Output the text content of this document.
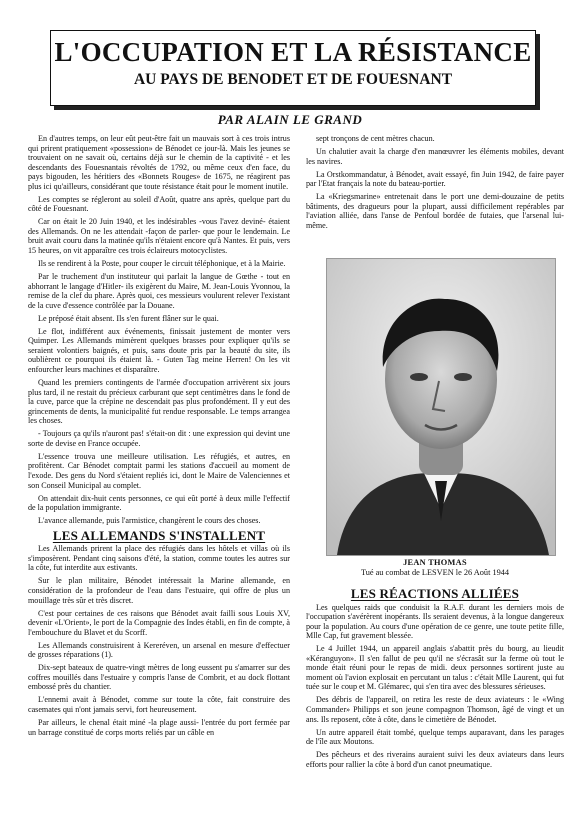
L'OCCUPATION ET LA RÉSISTANCE
AU PAYS DE BENODET ET DE FOUESNANT
PAR ALAIN LE GRAND

En d'autres temps, on leur eût peut-être fait un mauvais sort à ces trois intrus qui prirent pratiquement «possession» de Bénodet ce jour-là. Mais les jeunes se trouvaient on ne savait où, certains déjà sur le chemin de la captivité - et les descendants des Fouesnantais révoltés de 1792, ou même ceux d'en face, du pays bigouden, les héritiers des «Bonnets Rouges» de 1675, ne réagirent pas plus ici qu'ailleurs, considérant que toute résistance était pour le moment inutile.

Les comptes se régleront au soleil d'Août, quatre ans après, quelque part du côté de Fouesnant.

Car on était le 20 Juin 1940, et les indésirables -vous l'avez deviné- étaient des Allemands. On ne les attendait -façon de parler- que pour le lendemain. Le bruit avait couru dans la matinée qu'ils n'étaient encore qu'à Nantes. Et puis, vers 15 heures, on vit apparaître ces trois éclaireurs motocyclistes.

Ils se rendirent à la Poste, pour couper le circuit téléphonique, et à la Mairie.

Par le truchement d'un instituteur qui parlait la langue de Gœthe - tout en abhorrant le langage d'Hitler- ils exigèrent du Maire, M. Jean-Louis Yvonnou, la remise de la clef du phare. Après quoi, ces messieurs voulurent relever l'existant de la cuve d'essence contrôlée par la Douane.

Le préposé était absent. Ils s'en furent flâner sur le quai.

Le flot, indifférent aux événements, finissait justement de monter vers Quimper. Les Allemands mimèrent quelques brasses pour expliquer qu'ils se seraient volontiers baignés, et puis, sans doute pris par la beauté du site, ils oublièrent ce pourquoi ils étaient là. - Guten Tag meine Herren! On les vit enfourcher leurs machines et disparaître.

Quand les premiers contingents de l'armée d'occupation arrivèrent six jours plus tard, il ne restait du précieux carburant que sept centimètres dans le fond de la cuve, parce que la crépine ne descendait pas plus profondément. Il y eut des grincements de dents, la municipalité fut rendue responsable. Le temps arrangea les choses.

- Toujours ça qu'ils n'auront pas! s'était-on dit : une expression qui devint une sorte de devise en France occupée.

L'essence trouva une meilleure utilisation. Les réfugiés, et autres, en profitèrent. Car Bénodet comptait parmi les stations d'accueil au moment de l'exode. Des gens du Nord s'étaient repliés ici, dont le Maire de Valenciennes et son Conseil Municipal au complet.

On attendait dix-huit cents personnes, ce qui eût porté à deux mille l'effectif de la population immigrante.

L'avance allemande, puis l'armistice, changèrent le cours des choses.

LES ALLEMANDS S'INSTALLENT

Les Allemands prirent la place des réfugiés dans les hôtels et villas où ils s'imposèrent. Pendant cinq saisons d'été, la station, comme toutes les autres sur la côte, fut interdite aux estivants.

Sur le plan militaire, Bénodet intéressait la Marine allemande, en considération de la profondeur de l'eau dans l'estuaire, qui offre de plus un mouillage très sûr et très discret.

C'est pour certaines de ces raisons que Bénodet avait failli sous Louis XV, devenir «L'Orient», le port de la Compagnie des Indes établi, en fin de compte, à l'embouchure du Blavet et du Scorff.

Les Allemands construisirent à Kereréven, un arsenal en mesure d'effectuer de grosses réparations (1).

Dix-sept bateaux de quatre-vingt mètres de long eussent pu s'amarrer sur des coffres mouillés dans l'estuaire y compris l'anse de Combrit, et au dock flottant embossé près du chantier.

L'ennemi avait à Bénodet, comme sur toute la côte, fait construire des casemates qui n'ont jamais servi, fort heureusement.

Par ailleurs, le chenal était miné -la plage aussi- l'entrée du port fermée par un barrage constitué de corps morts reliés par un câble en

sept tronçons de cent mètres chacun.

Un chalutier avait la charge d'en manœuvrer les éléments mobiles, devant les navires.

La Orstkommandatur, à Bénodet, avait essayé, fin Juin 1942, de faire payer par l'Etat français la note du bateau-portier.

La «Kriegsmarine» entretenait dans le port une demi-douzaine de petits bâtiments, des dragueurs pour la plupart, aussi difficilement repérables par l'aviation alliée, dans l'anse de Penfoul bordée de futaies, que l'arsenal lui-même.

JEAN THOMAS
Tué au combat de LESVEN le 26 Août 1944
LES RÉACTIONS ALLIÉES

Les quelques raids que conduisit la R.A.F. durant les derniers mois de l'occupation s'avérèrent inopérants. Ils seraient devenus, à la longue dangereux pour la population. Au cours d'une opération de ce genre, une toute petite fille, Mlle Cap, fut gravement blessée.

Le 4 Juillet 1944, un appareil anglais s'abattit près du bourg, au lieudit «Kéranguyon». Il s'en fallut de peu qu'il ne s'écrasât sur la ferme où tout le monde était réuni pour le repas de midi. deux personnes sortirent juste au moment où l'avion explosait en percutant un talus : c'était Mlle Laurent, qui fut tuée sur le coup et M. Glémarec, qui s'en tira avec des blessures sérieuses.

Des débris de l'appareil, on retira les reste de deux aviateurs : le «Wing Commander» Philipps et son jeune compagnon Thomson, âgé de vingt et un ans. Ils reposent, côte à côte, dans le cimetière de Bénodet.

Un autre appareil était tombé, quelque temps auparavant, dans les parages de l'île aux Moutons.

Des pêcheurs et des riverains auraient suivi les deux aviateurs dans leurs efforts pour rallier la côte à bord d'un canot pneumatique.
